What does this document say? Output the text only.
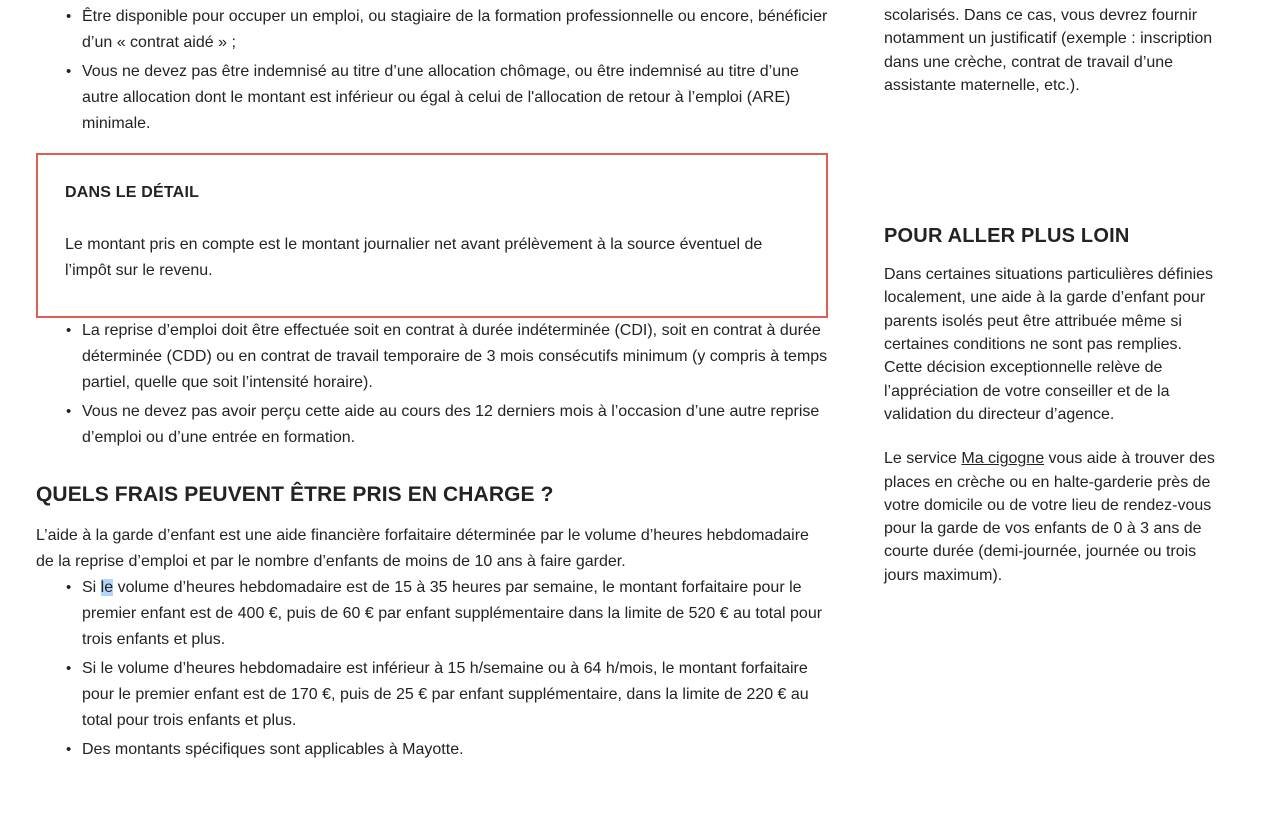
• Être disponible pour occuper un emploi, ou stagiaire de la formation professionnelle ou encore, bénéficier d’un « contrat aidé » ;
• Vous ne devez pas être indemnisé au titre d’une allocation chômage, ou être indemnisé au titre d’une autre allocation dont le montant est inférieur ou égal à celui de l'allocation de retour à l’emploi (ARE) minimale.
DANS LE DÉTAIL

Le montant pris en compte est le montant journalier net avant prélèvement à la source éventuel de l’impôt sur le revenu.

• La reprise d’emploi doit être effectuée soit en contrat à durée indéterminée (CDI), soit en contrat à durée déterminée (CDD) ou en contrat de travail temporaire de 3 mois consécutifs minimum (y compris à temps partiel, quelle que soit l’intensité horaire).
• Vous ne devez pas avoir perçu cette aide au cours des 12 derniers mois à l’occasion d’une autre reprise d’emploi ou d’une entrée en formation.
QUELS FRAIS PEUVENT ÊTRE PRIS EN CHARGE ?

L’aide à la garde d’enfant est une aide financière forfaitaire déterminée par le volume d’heures hebdomadaire de la reprise d’emploi et par le nombre d’enfants de moins de 10 ans à faire garder.

• Si le volume d’heures hebdomadaire est de 15 à 35 heures par semaine, le montant forfaitaire pour le premier enfant est de 400 €, puis de 60 € par enfant supplémentaire dans la limite de 520 € au total pour trois enfants et plus.
• Si le volume d’heures hebdomadaire est inférieur à 15 h/semaine ou à 64 h/mois, le montant forfaitaire pour le premier enfant est de 170 €, puis de 25 € par enfant supplémentaire, dans la limite de 220 € au total pour trois enfants et plus.
• Des montants spécifiques sont applicables à Mayotte.

scolarisés. Dans ce cas, vous devrez fournir notamment un justificatif (exemple : inscription dans une crèche, contrat de travail d’une assistante maternelle, etc.).

POUR ALLER PLUS LOIN

Dans certaines situations particulières définies localement, une aide à la garde d’enfant pour parents isolés peut être attribuée même si certaines conditions ne sont pas remplies. Cette décision exceptionnelle relève de l’appréciation de votre conseiller et de la validation du directeur d’agence.

Le service Ma cigogne vous aide à trouver des places en crèche ou en halte-garderie près de votre domicile ou de votre lieu de rendez-vous pour la garde de vos enfants de 0 à 3 ans de courte durée (demi-journée, journée ou trois jours maximum).
